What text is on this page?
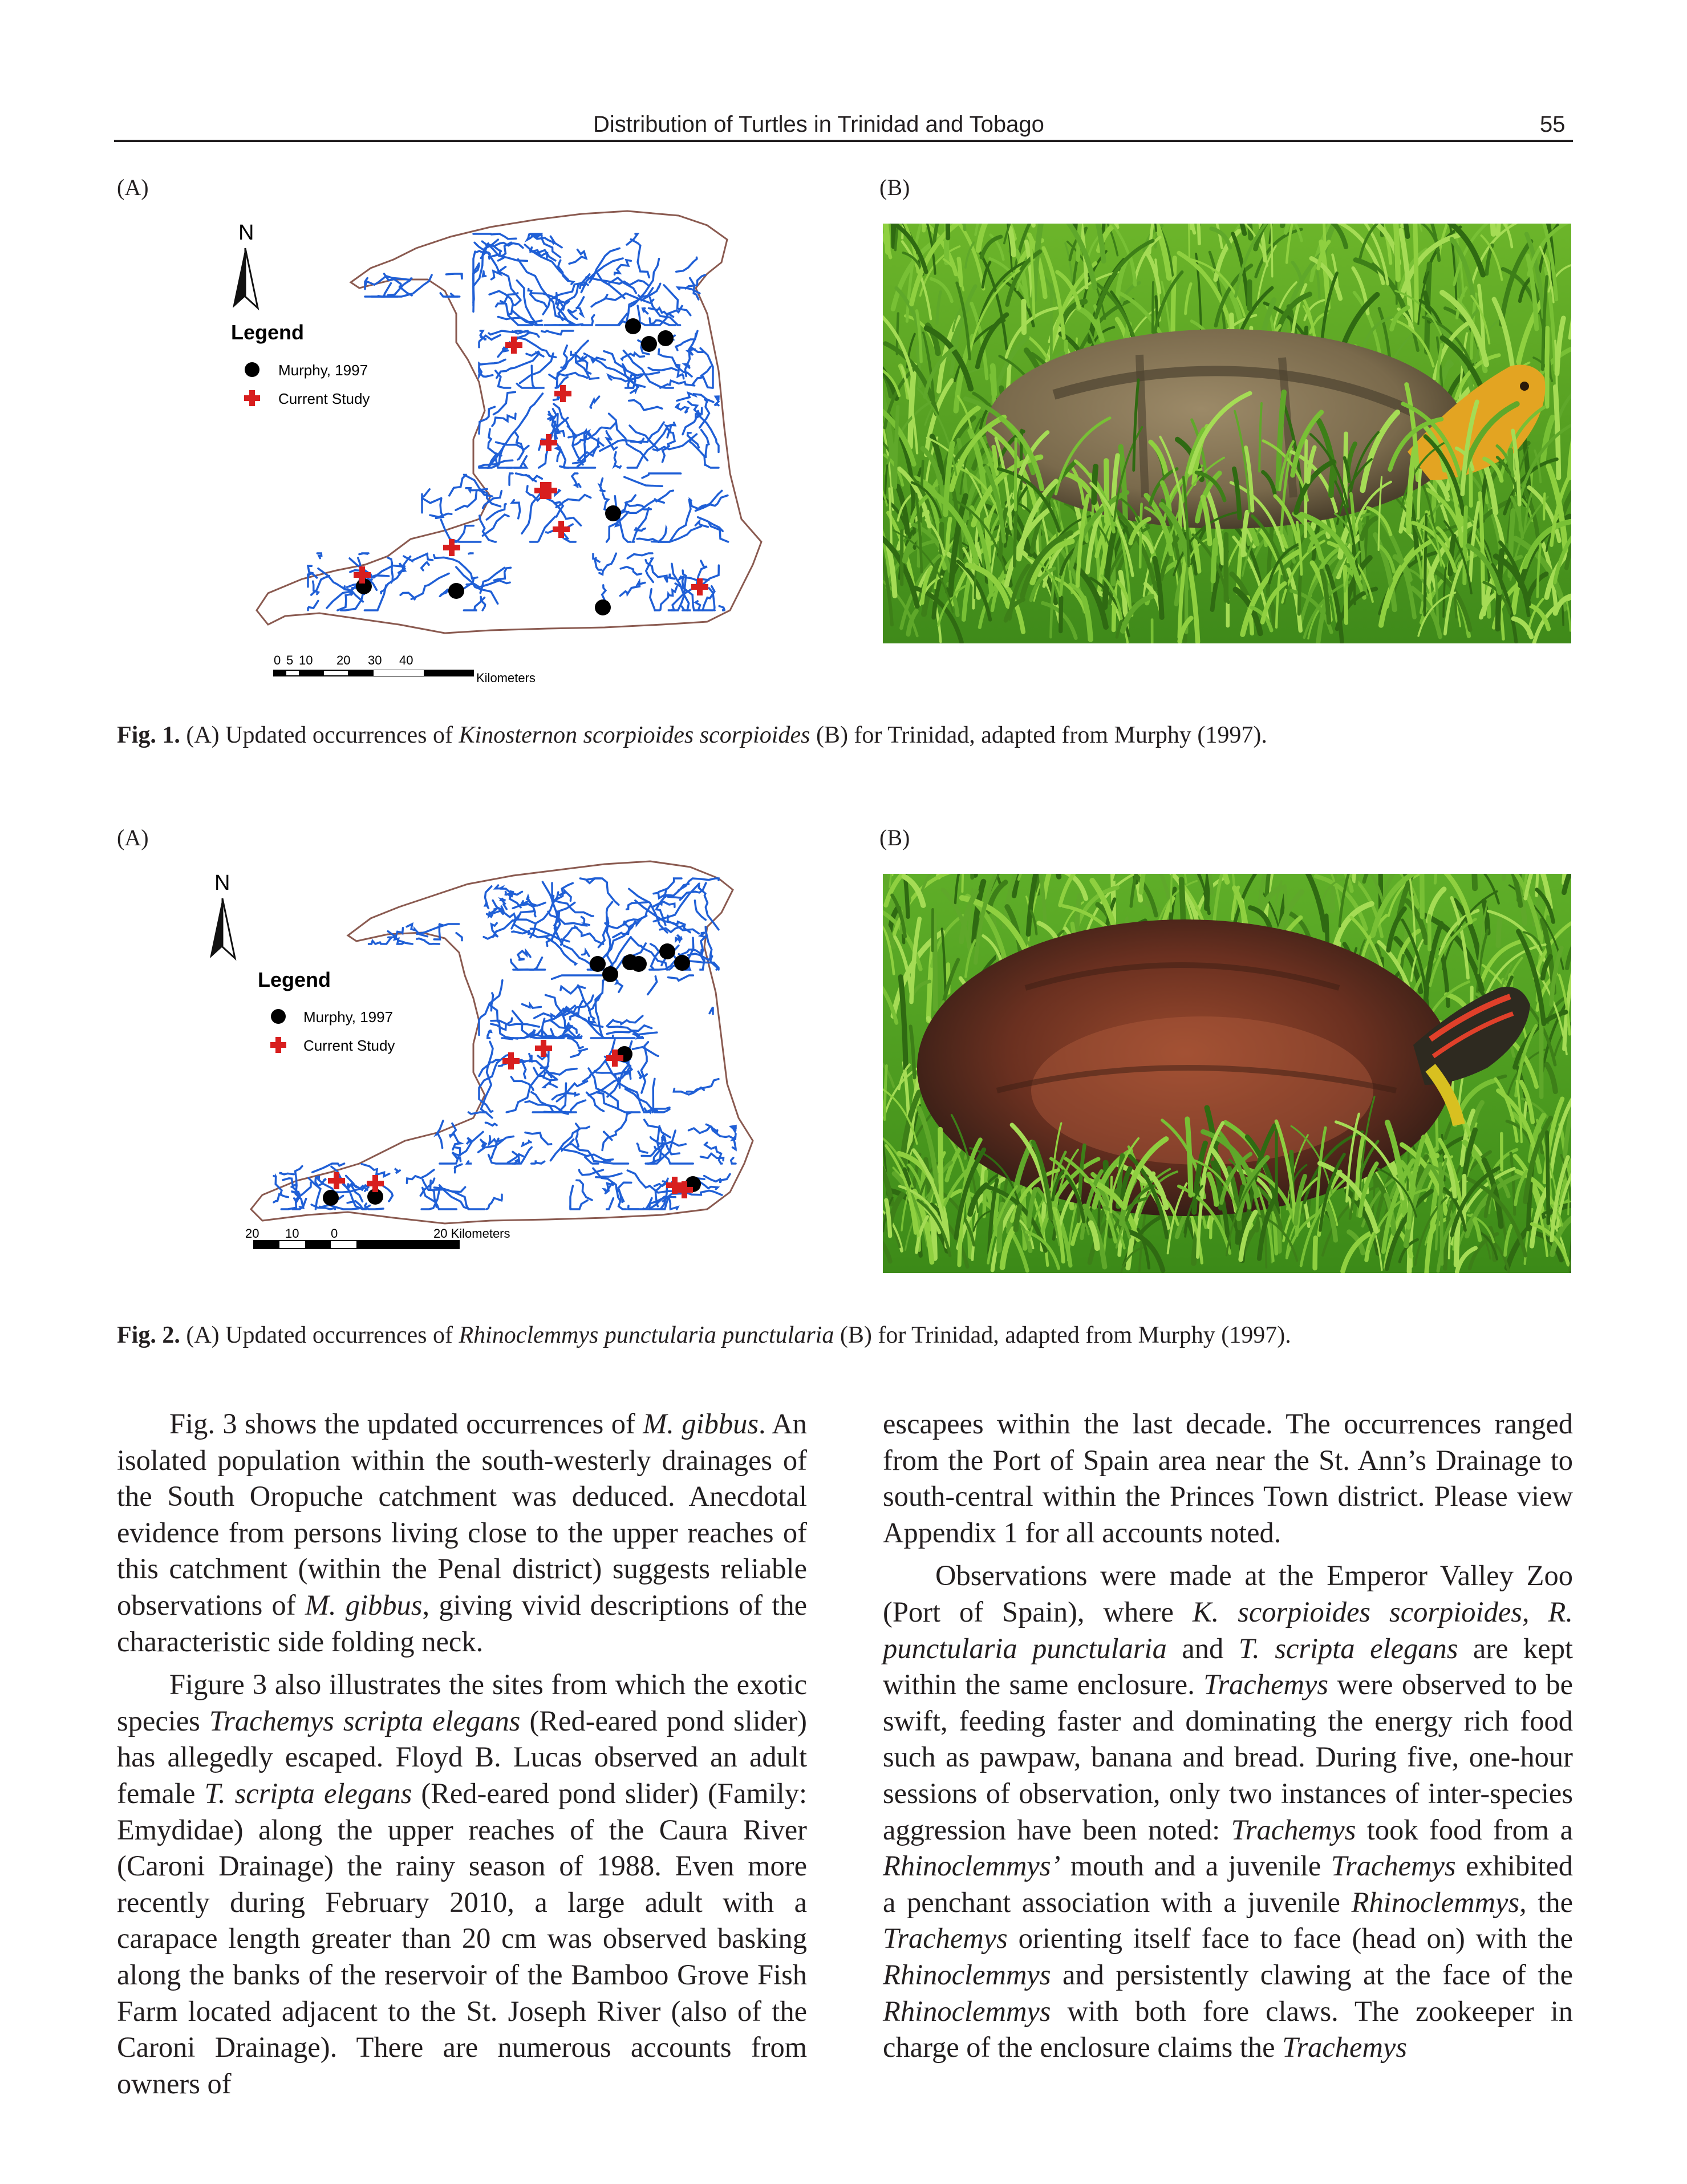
Distribution of Turtles in Trinidad and Tobago	55
(A)	(B)
N
Legend
Murphy, 1997
Current Study
0 5 10 20 30 40
Kilometers
Fig. 1. (A) Updated occurrences of Kinosternon scorpioides scorpioides (B) for Trinidad, adapted from Murphy (1997).
(A)	(B)
N
Legend
Murphy, 1997
Current Study
20 10	0	20 Kilometers
Fig. 2. (A) Updated occurrences of Rhinoclemmys punctularia punctularia (B) for Trinidad, adapted from Murphy (1997).

Fig. 3 shows the updated occurrences of M. gibbus. An isolated population within the south-westerly drainages of the South Oropuche catchment was deduced. Anecdotal evidence from persons living close to the upper reaches of this catchment (within the Penal district) suggests reliable observations of M. gibbus, giving vivid descriptions of the characteristic side folding neck.

Figure 3 also illustrates the sites from which the exotic species Trachemys scripta elegans (Red-eared pond slider) has allegedly escaped. Floyd B. Lucas observed an adult female T. scripta elegans (Red-eared pond slider) (Family: Emydidae) along the upper reaches of the Caura River (Caroni Drainage) the rainy season of 1988. Even more recently during February 2010, a large adult with a carapace length greater than 20 cm was observed basking along the banks of the reservoir of the Bamboo Grove Fish Farm located adjacent to the St. Joseph River (also of the Caroni Drainage). There are numerous accounts from owners of

escapees within the last decade. The occurrences ranged from the Port of Spain area near the St. Ann’s Drainage to south-central within the Princes Town district. Please view Appendix 1 for all accounts noted.

Observations were made at the Emperor Valley Zoo (Port of Spain), where K. scorpioides scorpioides, R. punctularia punctularia and T. scripta elegans are kept within the same enclosure. Trachemys were observed to be swift, feeding faster and dominating the energy rich food such as pawpaw, banana and bread. During five, one-hour sessions of observation, only two instances of inter-species aggression have been noted: Trachemys took food from a Rhinoclemmys’ mouth and a juvenile Trachemys exhibited a penchant association with a juvenile Rhinoclemmys, the Trachemys orienting itself face to face (head on) with the Rhinoclemmys and persistently clawing at the face of the Rhinoclemmys with both fore claws. The zookeeper in charge of the enclosure claims the Trachemys
